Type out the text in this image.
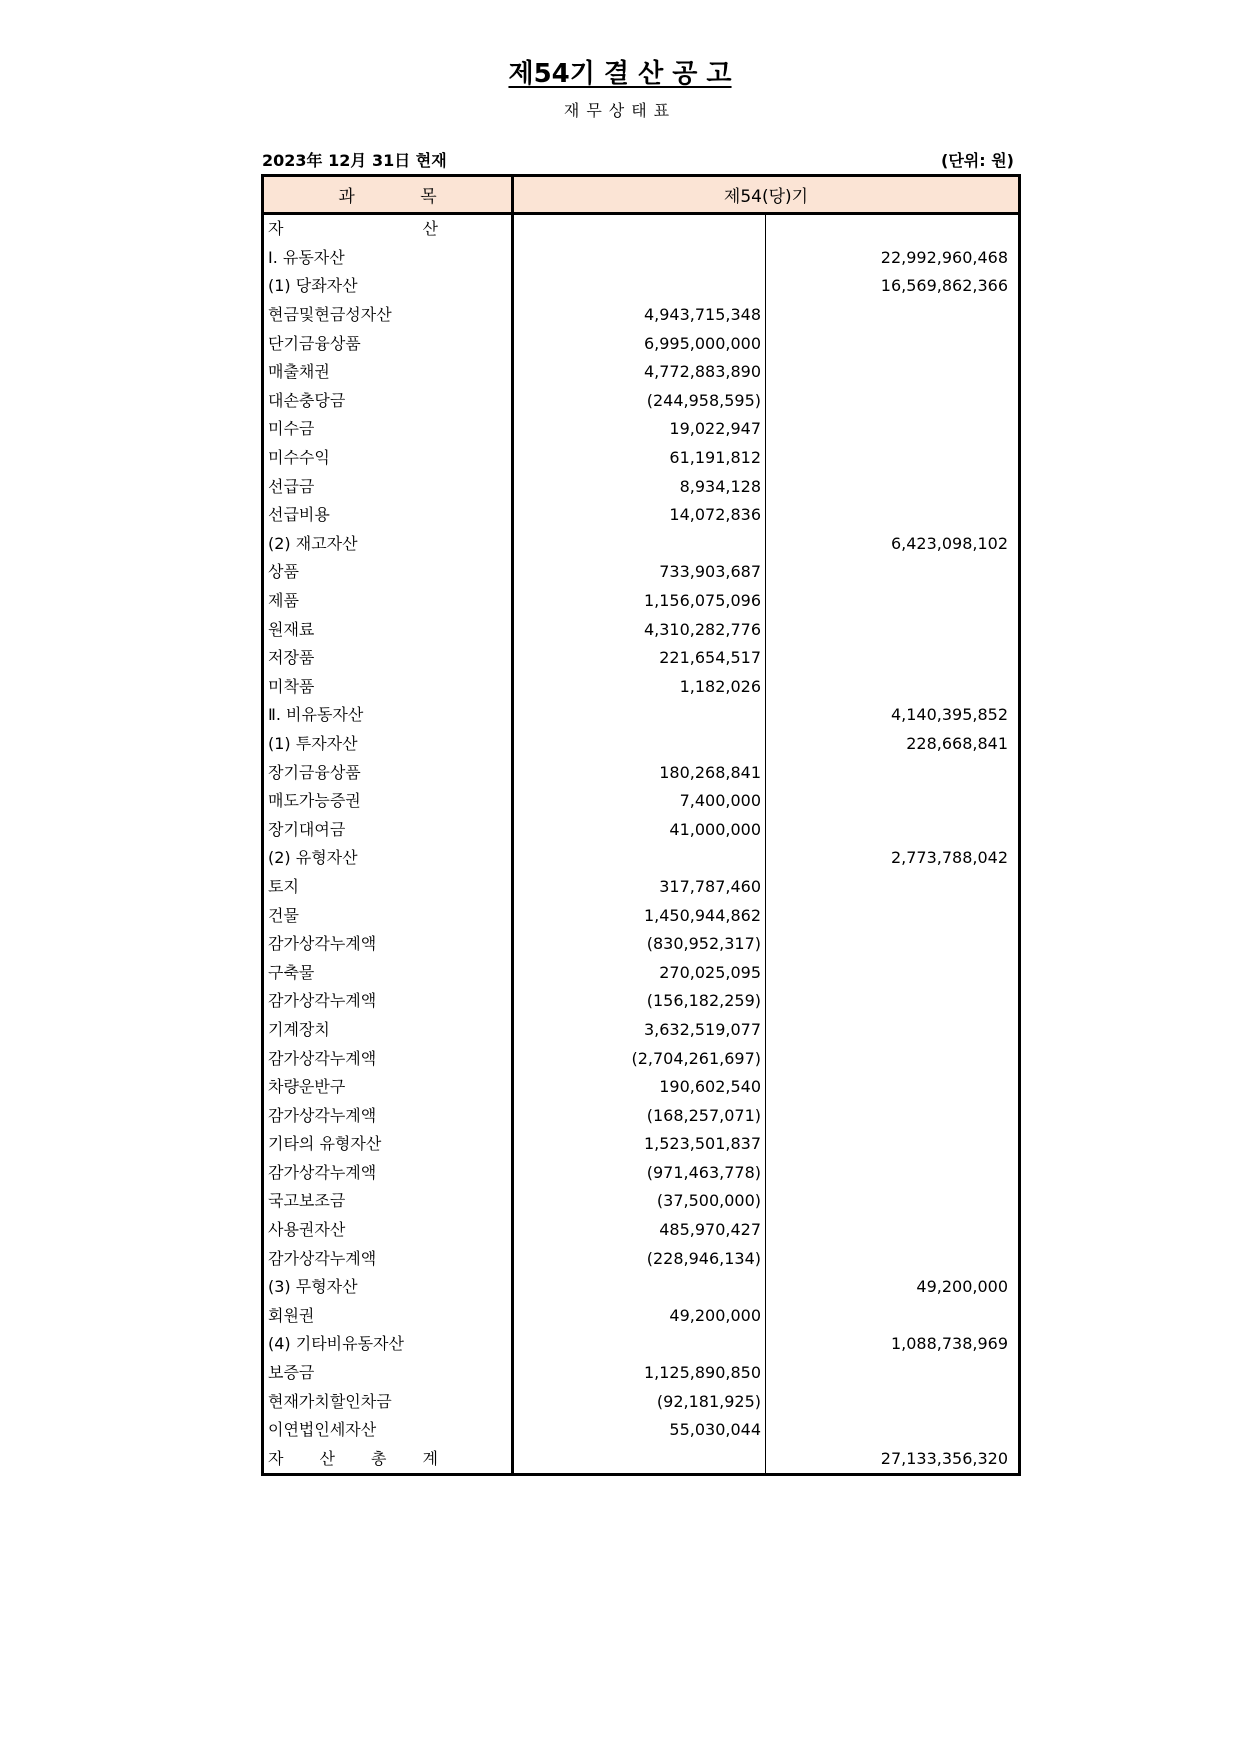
제54기 결 산 공 고
재무상태표
2023年 12月 31日 현재	(단위: 원)
과 목	제54(당)기	

자 산		

Ⅰ. 유동자산		22,992,960,468
(1) 당좌자산		16,569,862,366
현금및현금성자산	4,943,715,348	
단기금융상품	6,995,000,000	
매출채권	4,772,883,890	
대손충당금	(244,958,595)	
미수금	19,022,947	
미수수익	61,191,812	
선급금	8,934,128	
선급비용	14,072,836	
(2) 재고자산		6,423,098,102
상품	733,903,687	
제품	1,156,075,096	
원재료	4,310,282,776	
저장품	221,654,517	
미착품	1,182,026	
Ⅱ. 비유동자산		4,140,395,852
(1) 투자자산		228,668,841
장기금융상품	180,268,841	
매도가능증권	7,400,000	
장기대여금	41,000,000	
(2) 유형자산		2,773,788,042
토지	317,787,460	
건물	1,450,944,862	
감가상각누계액	(830,952,317)	
구축물	270,025,095	
감가상각누계액	(156,182,259)	
기계장치	3,632,519,077	
감가상각누계액	(2,704,261,697)	
차량운반구	190,602,540	
감가상각누계액	(168,257,071)	
기타의 유형자산	1,523,501,837	
감가상각누계액	(971,463,778)	
국고보조금	(37,500,000)	
사용권자산	485,970,427	
감가상각누계액	(228,946,134)	
(3) 무형자산		49,200,000
회원권	49,200,000	
(4) 기타비유동자산		1,088,738,969
보증금	1,125,890,850	
현재가치할인차금	(92,181,925)	
이연법인세자산	55,030,044	

자 산 총 계		27,133,356,320
